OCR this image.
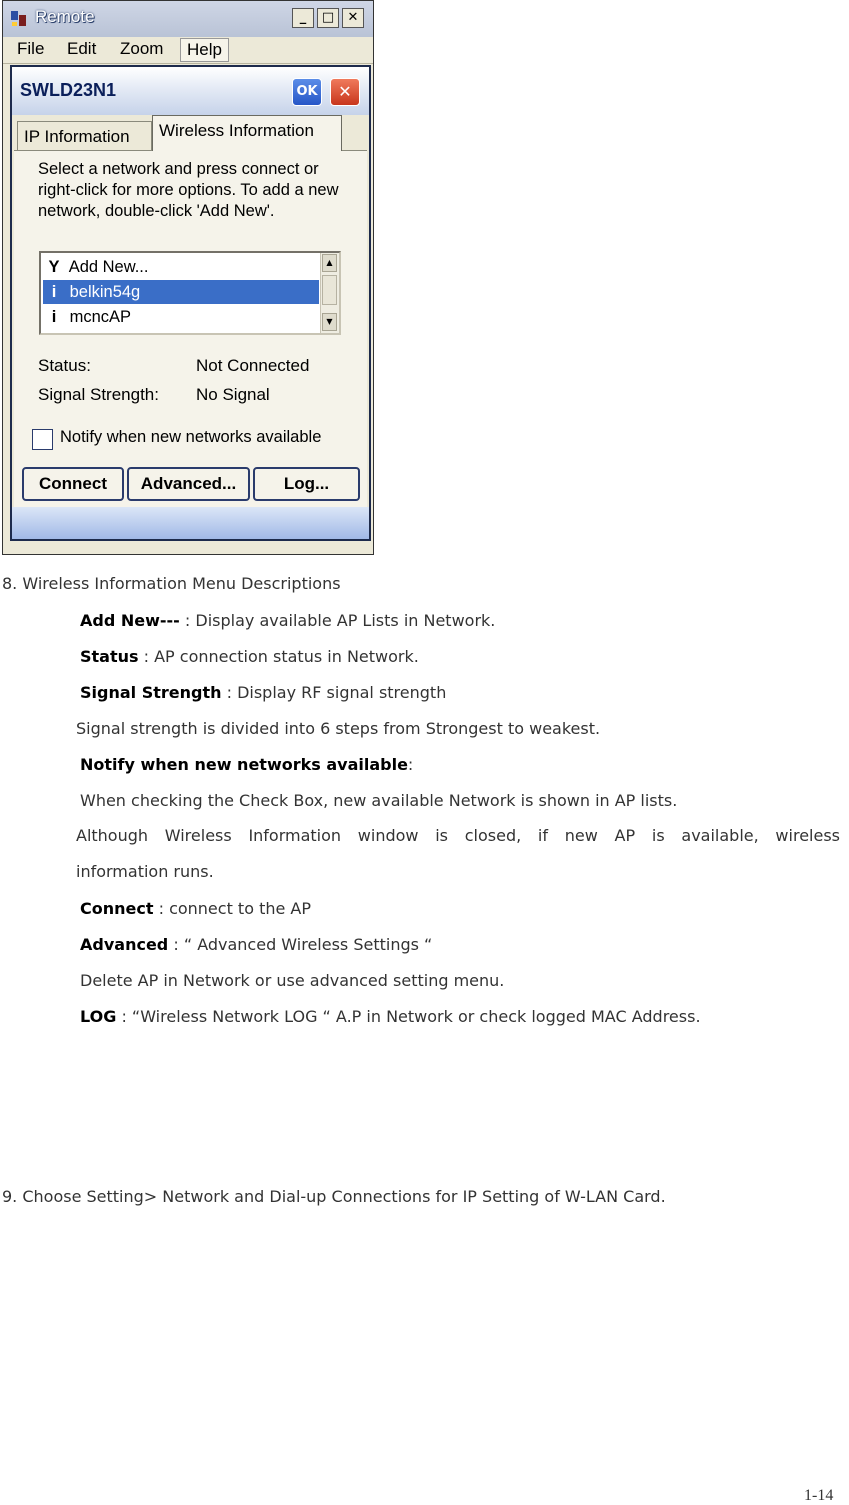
Remote	_	□	✕
File	Edit	Zoom	Help
SWLD23N1	OK	✕
IP Information	Wireless Information
Select a network and press connect or right-click for more options. To add a new network, double-click 'Add New'.
Y Add New...
i belkin54g
i mcncAP
▲
▼
Status:	Not Connected
Signal Strength: No Signal
Notify when new networks available
Connect	Advanced...	Log...
8. Wireless Information Menu Descriptions
Add New--- : Display available AP Lists in Network.
Status : AP connection status in Network.
Signal Strength : Display RF signal strength
Signal strength is divided into 6 steps from Strongest to weakest.
Notify when new networks available:
When checking the Check Box, new available Network is shown in AP lists.
Although Wireless Information window is closed, if new AP is available, wireless
information runs.
Connect : connect to the AP
Advanced : “ Advanced Wireless Settings “
Delete AP in Network or use advanced setting menu.
LOG : “Wireless Network LOG “ A.P in Network or check logged MAC Address.
9. Choose Setting> Network and Dial-up Connections for IP Setting of W-LAN Card.
1-14
